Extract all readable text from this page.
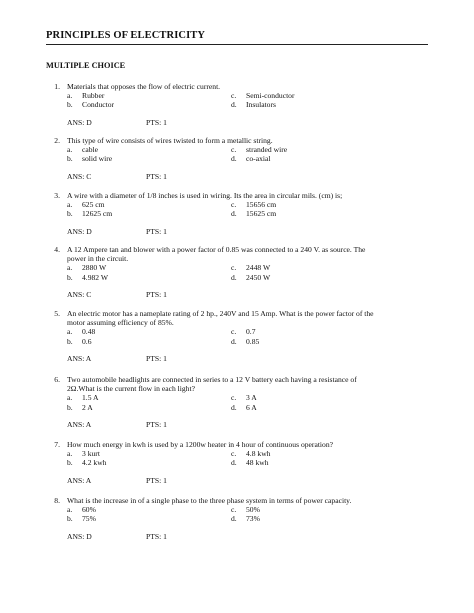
PRINCIPLES OF ELECTRICITY
MULTIPLE CHOICE
1. Materials that opposes the flow of electric current.
a.	Rubber	c.	Semi-conductor
b.	Conductor	d.	Insulators
ANS: D	PTS: 1
2. This type of wire consists of wires twisted to form a metallic string.
a.	cable	c.	stranded wire
b.	solid wire	d.	co-axial
ANS: C	PTS: 1
3. A wire with a diameter of 1/8 inches is used in wiring. Its the area in circular mils. (cm) is;
a.	625 cm	c.	15656 cm
b.	12625 cm	d.	15625 cm
ANS: D	PTS: 1
4. A 12 Ampere tan and blower with a power factor of 0.85 was connected to a 240 V. as source. The
power in the circuit.
a.	2880 W	c.	2448 W
b.	4.982 W	d.	2450 W
ANS: C	PTS: 1
5. An electric motor has a nameplate rating of 2 hp., 240V and 15 Amp. What is the power factor of the
motor assuming efficiency of 85%.
a.	0.48	c.	0.7
b.	0.6	d.	0.85
ANS: A	PTS: 1
6. Two automobile headlights are connected in series to a 12 V battery each having a resistance of
2Ω.What is the current flow in each light?
a.	1.5 A	c.	3 A
b.	2 A	d.	6 A
ANS: A	PTS: 1
7. How much energy in kwh is used by a 1200w heater in 4 hour of continuous operation?
a.	3 kurt	c.	4.8 kwh
b.	4.2 kwh	d.	48 kwh
ANS: A	PTS: 1
8. What is the increase in of a single phase to the three phase system in terms of power capacity.
a.	60%	c.	50%
b.	75%	d.	73%
ANS: D	PTS: 1
